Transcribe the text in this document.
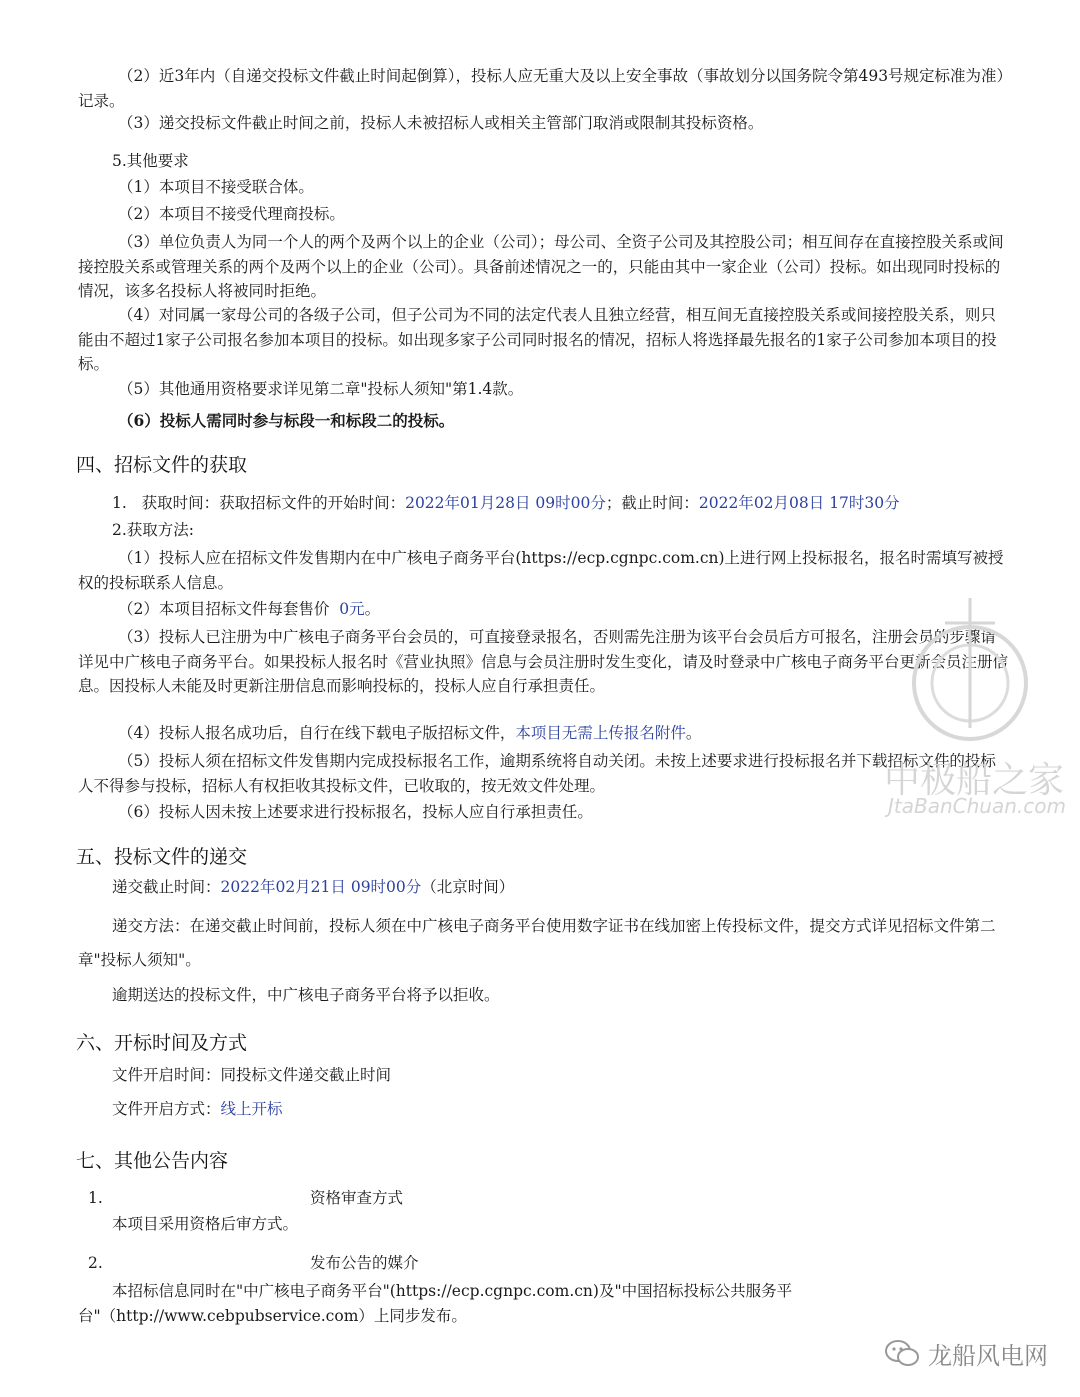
（2）近3年内（自递交投标文件截止时间起倒算），投标人应无重大及以上安全事故（事故划分以国务院令第493号规定标准为准）记录。
（3）递交投标文件截止时间之前，投标人未被招标人或相关主管部门取消或限制其投标资格。
5.其他要求
（1）本项目不接受联合体。
（2）本项目不接受代理商投标。
（3）单位负责人为同一个人的两个及两个以上的企业（公司）；母公司、全资子公司及其控股公司；相互间存在直接控股关系或间接控股关系或管理关系的两个及两个以上的企业（公司）。具备前述情况之一的，只能由其中一家企业（公司）投标。如出现同时投标的情况，该多名投标人将被同时拒绝。
（4）对同属一家母公司的各级子公司，但子公司为不同的法定代表人且独立经营，相互间无直接控股关系或间接控股关系，则只能由不超过1家子公司报名参加本项目的投标。如出现多家子公司同时报名的情况，招标人将选择最先报名的1家子公司参加本项目的投标。
（5）其他通用资格要求详见第二章"投标人须知"第1.4款。
（6）投标人需同时参与标段一和标段二的投标。
四、招标文件的获取
1.   获取时间：获取招标文件的开始时间：2022年01月28日 09时00分；截止时间：2022年02月08日 17时30分
2.获取方法:
（1）投标人应在招标文件发售期内在中广核电子商务平台(https://ecp.cgnpc.com.cn)上进行网上投标报名，报名时需填写被授权的投标联系人信息。
（2）本项目招标文件每套售价 0元。
（3）投标人已注册为中广核电子商务平台会员的，可直接登录报名，否则需先注册为该平台会员后方可报名，注册会员的步骤请详见中广核电子商务平台。如果投标人报名时《营业执照》信息与会员注册时发生变化，请及时登录中广核电子商务平台更新会员注册信息。因投标人未能及时更新注册信息而影响投标的，投标人应自行承担责任。
（4）投标人报名成功后，自行在线下载电子版招标文件，本项目无需上传报名附件。
（5）投标人须在招标文件发售期内完成投标报名工作，逾期系统将自动关闭。未按上述要求进行投标报名并下载招标文件的投标人不得参与投标，招标人有权拒收其投标文件，已收取的，按无效文件处理。
（6）投标人因未按上述要求进行投标报名，投标人应自行承担责任。
五、投标文件的递交
递交截止时间：2022年02月21日 09时00分（北京时间）
递交方法：在递交截止时间前，投标人须在中广核电子商务平台使用数字证书在线加密上传投标文件，提交方式详见招标文件第二章"投标人须知"。
逾期送达的投标文件，中广核电子商务平台将予以拒收。
六、开标时间及方式
文件开启时间：同投标文件递交截止时间
文件开启方式：线上开标
七、其他公告内容
1.	资格审查方式
本项目采用资格后审方式。
2.	发布公告的媒介
本招标信息同时在"中广核电子商务平台"(https://ecp.cgnpc.com.cn)及"中国招标投标公共服务平台"（http://www.cebpubservice.com）上同步发布。
中极船之家
JtaBanChuan.com
龙船风电网
